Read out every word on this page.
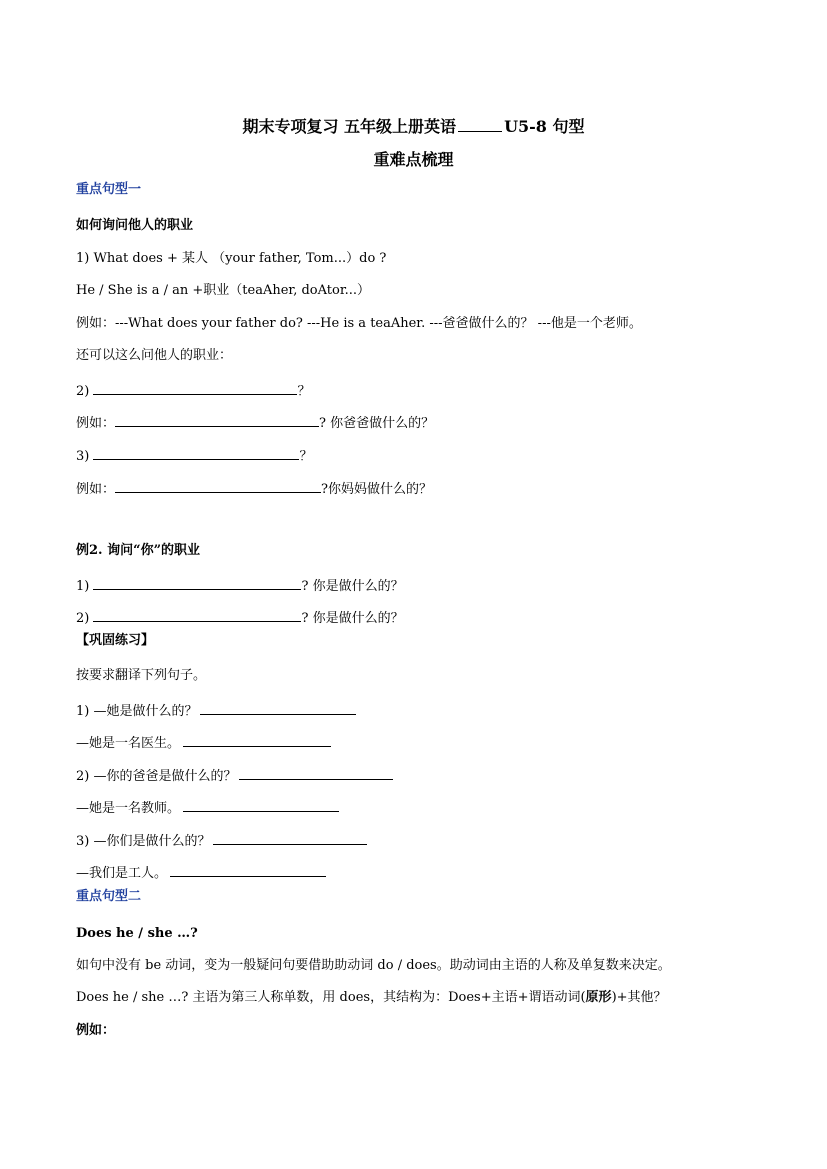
期末专项复习 五年级上册英语	U5-8 句型
重难点梳理
重点句型一
如何询问他人的职业
1) What does + 某人 （your father, Tom...）do ?
He / She is a / an +职业（teaAher, doAtor...）
例如：---What does your father do? ---He is a teaAher. ---爸爸做什么的？ ---他是一个老师。
还可以这么问他人的职业：
2)	？
例如：	? 你爸爸做什么的？
3)	？
例如：	?你妈妈做什么的？
例2. 询问“你”的职业
1)	? 你是做什么的？
2)	? 你是做什么的？
【巩固练习】
按要求翻译下列句子。
1) —她是做什么的？
—她是一名医生。
2) —你的爸爸是做什么的？
—她是一名教师。
3) —你们是做什么的？
—我们是工人。
重点句型二
Does he / she …?
如句中没有 be 动词，变为一般疑问句要借助助动词 do / does。助动词由主语的人称及单复数来决定。
Does he / she …? 主语为第三人称单数，用 does，其结构为：Does+主语+谓语动词(原形)+其他？
例如：
